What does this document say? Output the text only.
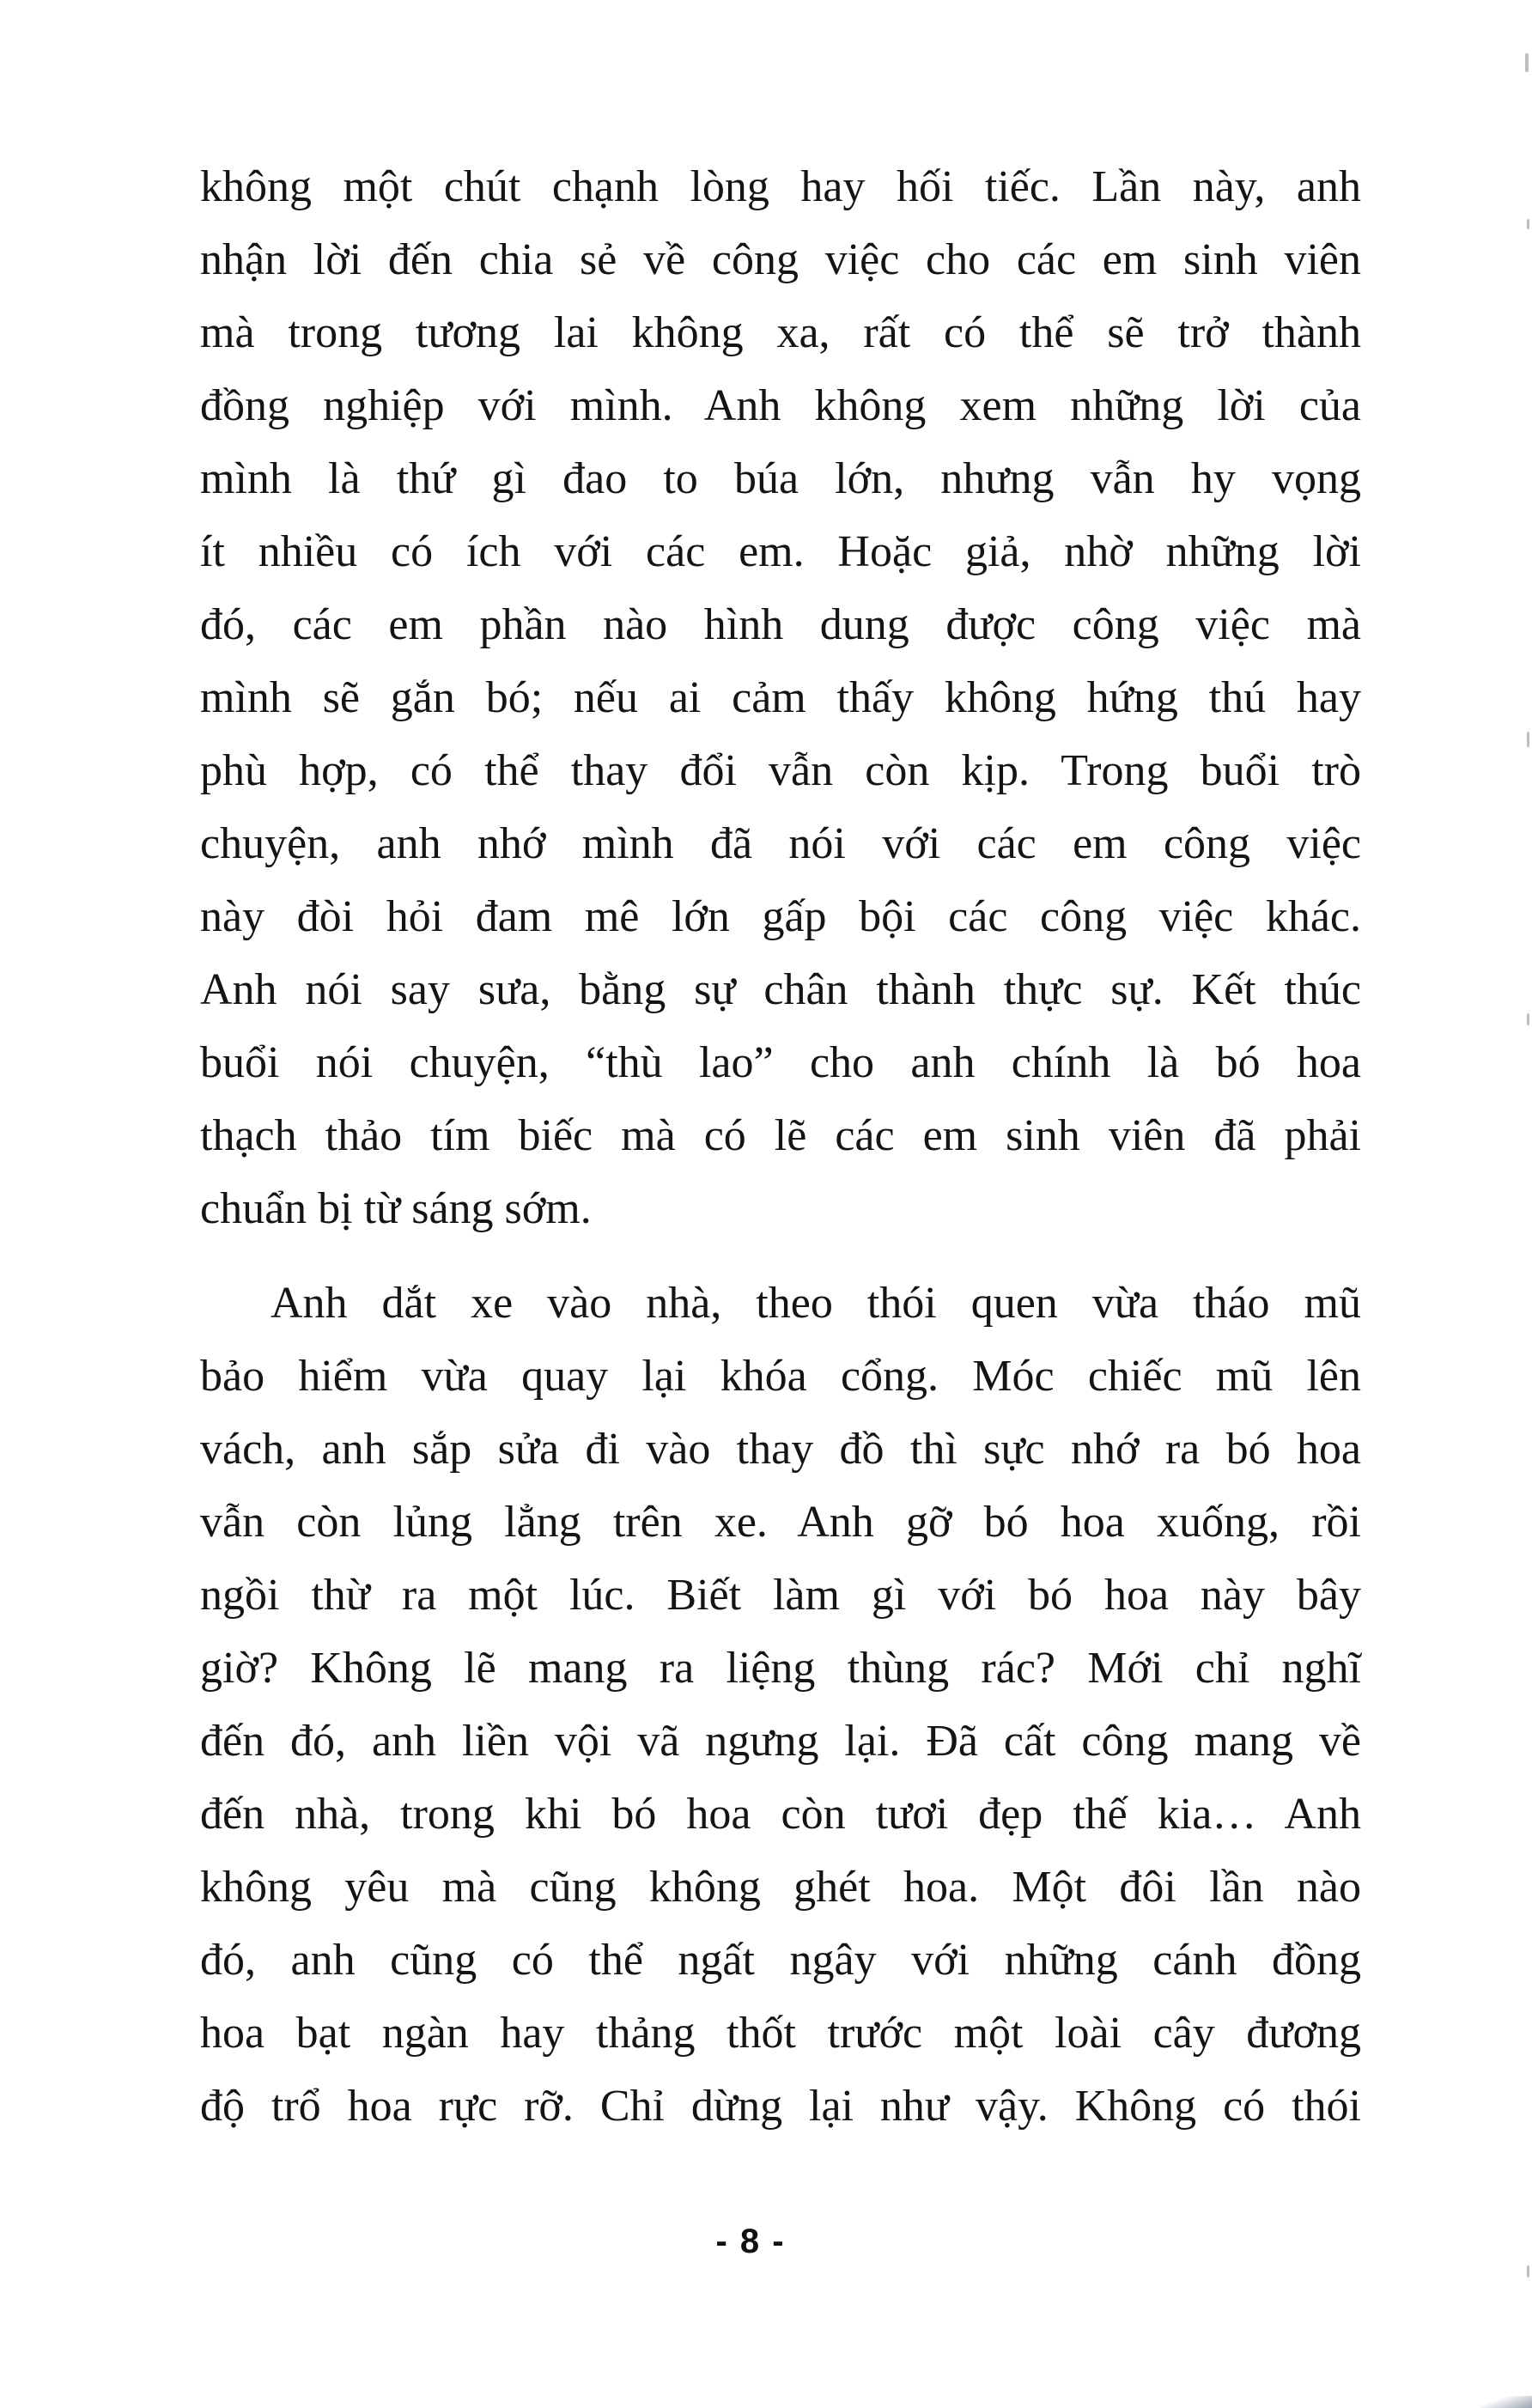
không một chút chạnh lòng hay hối tiếc. Lần này, anh
nhận lời đến chia sẻ về công việc cho các em sinh viên
mà trong tương lai không xa, rất có thể sẽ trở thành
đồng nghiệp với mình. Anh không xem những lời của
mình là thứ gì đao to búa lớn, nhưng vẫn hy vọng
ít nhiều có ích với các em. Hoặc giả, nhờ những lời
đó, các em phần nào hình dung được công việc mà
mình sẽ gắn bó; nếu ai cảm thấy không hứng thú hay
phù hợp, có thể thay đổi vẫn còn kịp. Trong buổi trò
chuyện, anh nhớ mình đã nói với các em công việc
này đòi hỏi đam mê lớn gấp bội các công việc khác.
Anh nói say sưa, bằng sự chân thành thực sự. Kết thúc
buổi nói chuyện, “thù lao” cho anh chính là bó hoa
thạch thảo tím biếc mà có lẽ các em sinh viên đã phải
chuẩn bị từ sáng sớm.

Anh dắt xe vào nhà, theo thói quen vừa tháo mũ
bảo hiểm vừa quay lại khóa cổng. Móc chiếc mũ lên
vách, anh sắp sửa đi vào thay đồ thì sực nhớ ra bó hoa
vẫn còn lủng lẳng trên xe. Anh gỡ bó hoa xuống, rồi
ngồi thừ ra một lúc. Biết làm gì với bó hoa này bây
giờ? Không lẽ mang ra liệng thùng rác? Mới chỉ nghĩ
đến đó, anh liền vội vã ngưng lại. Đã cất công mang về
đến nhà, trong khi bó hoa còn tươi đẹp thế kia… Anh
không yêu mà cũng không ghét hoa. Một đôi lần nào
đó, anh cũng có thể ngất ngây với những cánh đồng
hoa bạt ngàn hay thảng thốt trước một loài cây đương
độ trổ hoa rực rỡ. Chỉ dừng lại như vậy. Không có thói

- 8 -
